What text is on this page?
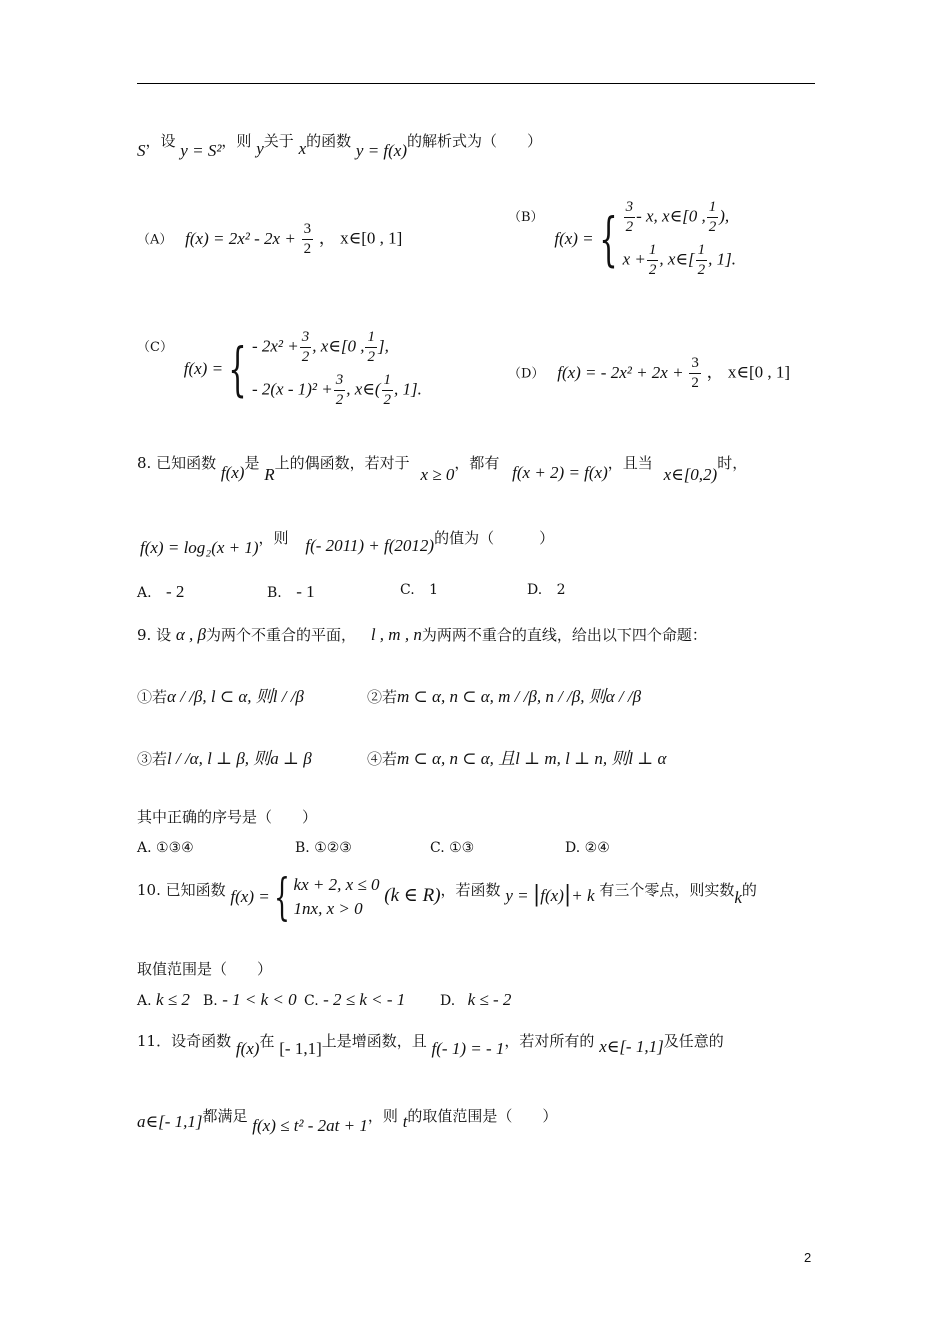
S，设 y = S²，则 y关于 x的函数 y = f(x)的解析式为（　　）
（A） $f(x) = 2x^2 - 2x + \frac{3}{2}$ ， x∈[0 , 1]
（B）
f(x) = { $\frac{3}{2}$ - x, x∈[0 , $\frac{1}{2}$ ),
$x + \frac{1}{2}$ , x∈[ $\frac{1}{2}$ , 1].
（C）
f(x) = { - $2x^2 + \frac{3}{2}$ , x∈[0 , $\frac{1}{2}$ ],
- $2(x - 1)^2 + \frac{3}{2}$ , x∈( $\frac{1}{2}$ , 1].
（D） f(x) = - $2x^2 + 2x + \frac{3}{2}$ ， x∈[0 , 1]
8. 已知函数 f(x)是 R上的偶函数，若对于 x ≥ 0，都有 f(x + 2) = f(x)，且当 x∈[0,2)时，
f(x) = log₂(x + 1)，则 f(- 2011) + f(2012)的值为（　　　）
A. - 2	B. - 1	C. 1	D. 2
9. 设 α , β为两个不重合的平面， l , m , n为两两不重合的直线，给出以下四个命题：
①若α / /β, l ⊂ α, 则l / /β	②若m ⊂ α, n ⊂ α, m / /β, n / /β, 则α / /β
③若l / /α, l ⊥ β, 则a ⊥ β	④若m ⊂ α, n ⊂ α, 且l ⊥ m, l ⊥ n, 则l ⊥ α
其中正确的序号是（　　）
A. ①③④	B. ①②③	C. ①③	D. ②④
10. 已知函数 f(x) = { kx + 2, x ≤ 0
1nx, x > 0
(k ∈ R)，若函数 y = |f(x)|+ k 有三个零点，则实数k的
取值范围是（　　）
A. k ≤ 2 B. - 1 < k < 0 C. - 2 ≤ k < - 1 D. k ≤ - 2
11．设奇函数 f(x)在 [- 1,1]上是增函数，且 f(- 1) = - 1，若对所有的 x∈[- 1,1]及任意的
a∈[- 1,1]都满足 f(x) ≤ t² - 2at + 1，则 t的取值范围是（　　）
2
